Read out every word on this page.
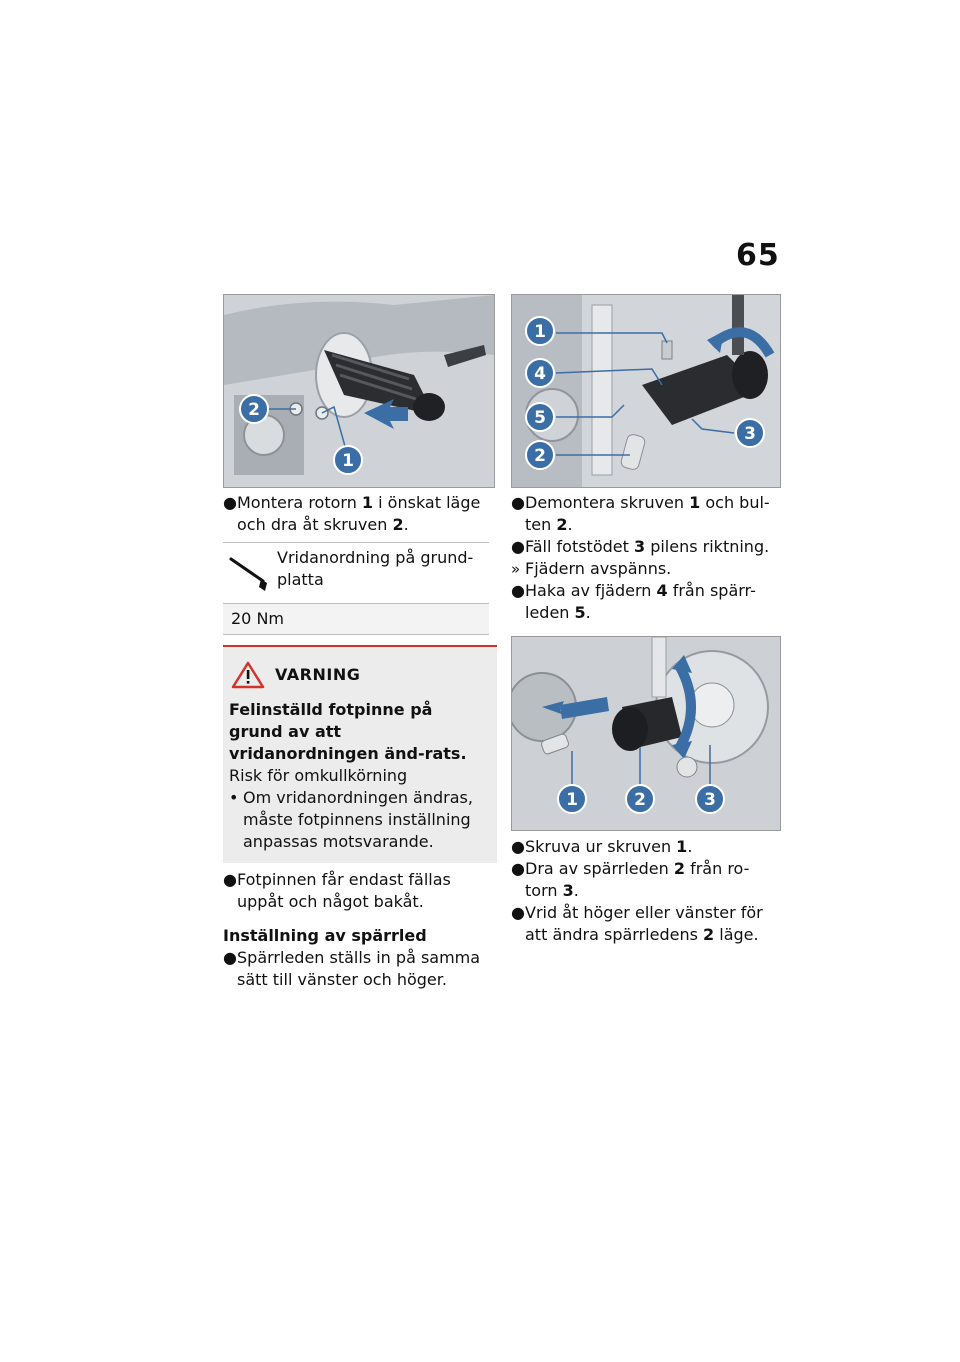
65
1
2
1
2
3
4
5
1	2	3

● Montera rotorn 1 i önskat läge och dra åt skruven 2.

Vridanordning på grund-platta
20 Nm
VARNING
Felinställd fotpinne på grund av att vridanordningen änd-rats.
Risk för omkullkörning

• Om vridanordningen ändras, måste fotpinnens inställning anpassas motsvarande.

● Fotpinnen får endast fällas uppåt och något bakåt.

Inställning av spärrled

● Spärrleden ställs in på samma sätt till vänster och höger.

● Demontera skruven 1 och bul-ten 2.

● Fäll fotstödet 3 pilens riktning.

» Fjädern avspänns.

● Haka av fjädern 4 från spärr-leden 5.

● Skruva ur skruven 1.

● Dra av spärrleden 2 från ro-torn 3.

● Vrid åt höger eller vänster för att ändra spärrledens 2 läge.
